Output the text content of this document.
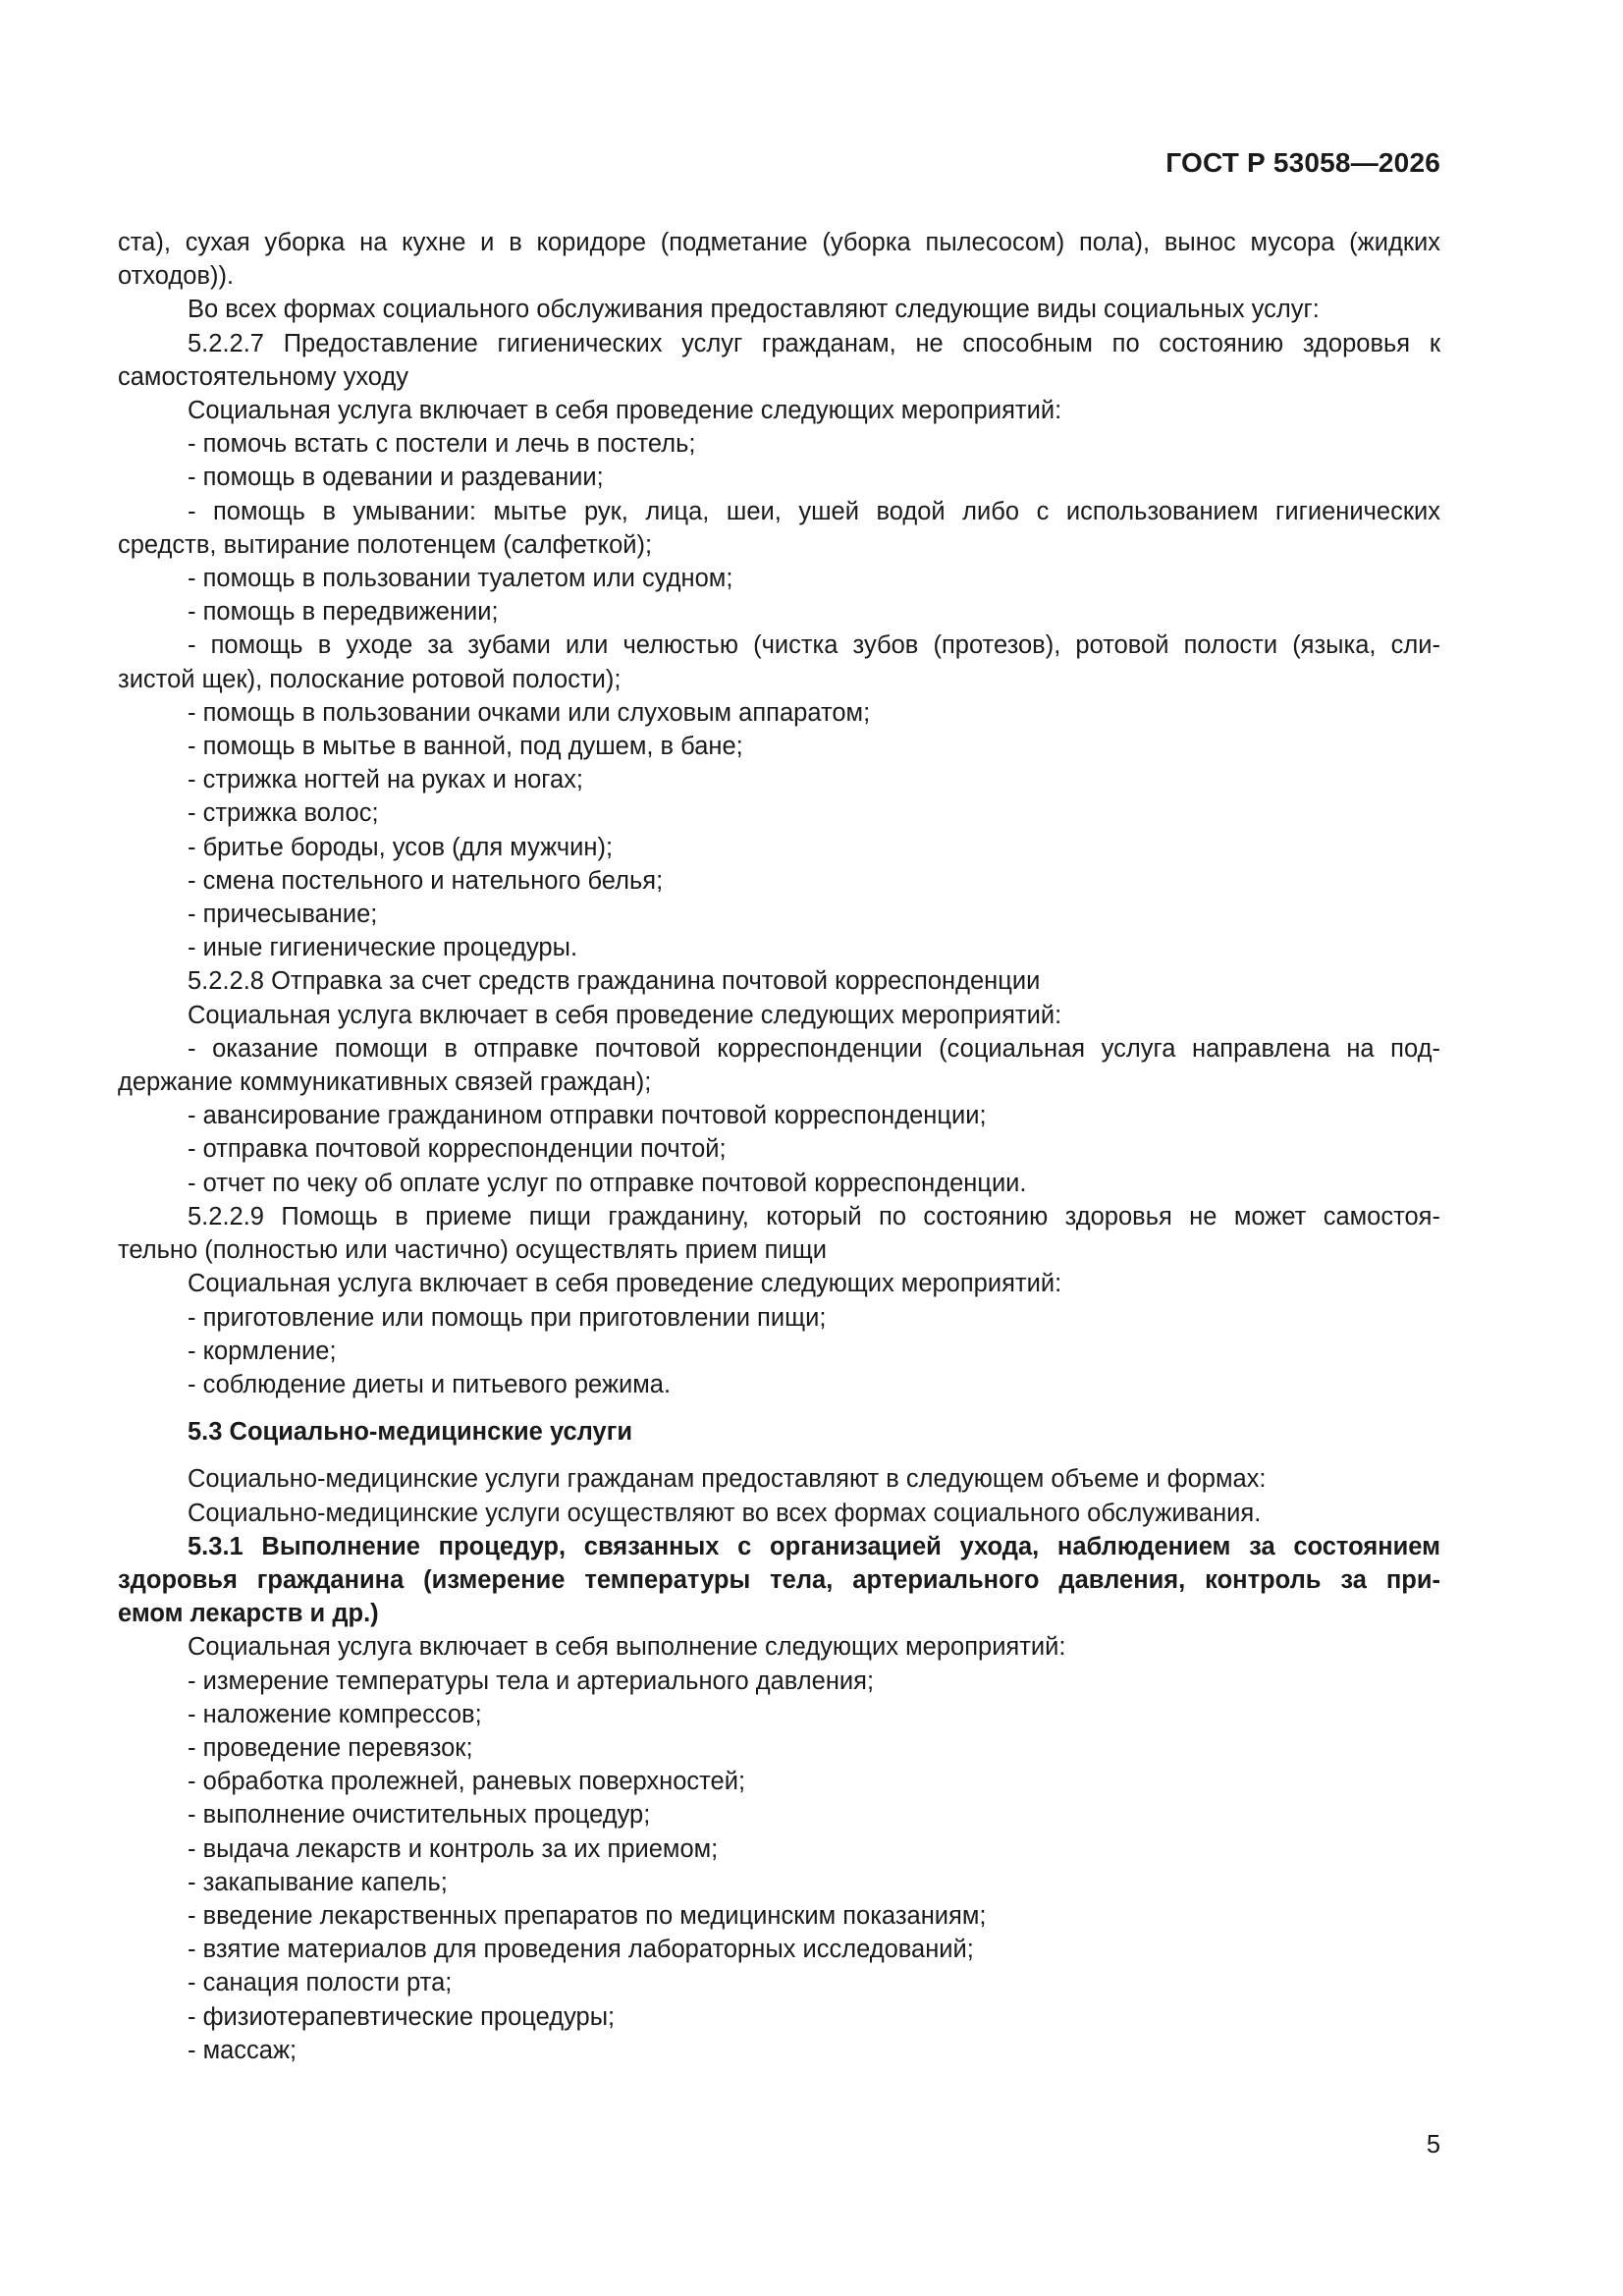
ГОСТ Р 53058—2026
ста), сухая уборка на кухне и в коридоре (подметание (уборка пылесосом) пола), вынос мусора (жидких
отходов)).
Во всех формах социального обслуживания предоставляют следующие виды социальных услуг:
5.2.2.7 Предоставление гигиенических услуг гражданам, не способным по состоянию здоровья к
самостоятельному уходу
Социальная услуга включает в себя проведение следующих мероприятий:
- помочь встать с постели и лечь в постель;
- помощь в одевании и раздевании;
- помощь в умывании: мытье рук, лица, шеи, ушей водой либо с использованием гигиенических
средств, вытирание полотенцем (салфеткой);
- помощь в пользовании туалетом или судном;
- помощь в передвижении;
- помощь в уходе за зубами или челюстью (чистка зубов (протезов), ротовой полости (языка, сли-
зистой щек), полоскание ротовой полости);
- помощь в пользовании очками или слуховым аппаратом;
- помощь в мытье в ванной, под душем, в бане;
- стрижка ногтей на руках и ногах;
- стрижка волос;
- бритье бороды, усов (для мужчин);
- смена постельного и нательного белья;
- причесывание;
- иные гигиенические процедуры.
5.2.2.8 Отправка за счет средств гражданина почтовой корреспонденции
Социальная услуга включает в себя проведение следующих мероприятий:
- оказание помощи в отправке почтовой корреспонденции (социальная услуга направлена на под-
держание коммуникативных связей граждан);
- авансирование гражданином отправки почтовой корреспонденции;
- отправка почтовой корреспонденции почтой;
- отчет по чеку об оплате услуг по отправке почтовой корреспонденции.
5.2.2.9 Помощь в приеме пищи гражданину, который по состоянию здоровья не может самостоя-
тельно (полностью или частично) осуществлять прием пищи
Социальная услуга включает в себя проведение следующих мероприятий:
- приготовление или помощь при приготовлении пищи;
- кормление;
- соблюдение диеты и питьевого режима.
5.3 Социально-медицинские услуги
Социально-медицинские услуги гражданам предоставляют в следующем объеме и формах:
Социально-медицинские услуги осуществляют во всех формах социального обслуживания.
5.3.1 Выполнение процедур, связанных с организацией ухода, наблюдением за состоянием
здоровья гражданина (измерение температуры тела, артериального давления, контроль за при-
емом лекарств и др.)
Социальная услуга включает в себя выполнение следующих мероприятий:
- измерение температуры тела и артериального давления;
- наложение компрессов;
- проведение перевязок;
- обработка пролежней, раневых поверхностей;
- выполнение очистительных процедур;
- выдача лекарств и контроль за их приемом;
- закапывание капель;
- введение лекарственных препаратов по медицинским показаниям;
- взятие материалов для проведения лабораторных исследований;
- санация полости рта;
- физиотерапевтические процедуры;
- массаж;
5
